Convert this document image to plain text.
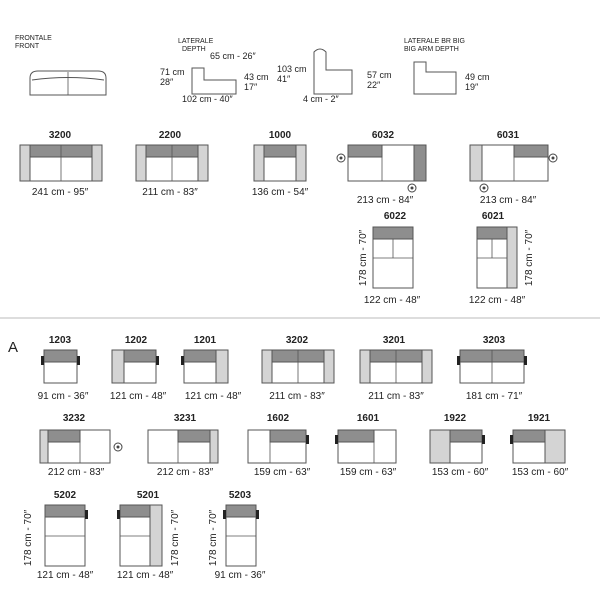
FRONTALE
FRONT
LATERALE
DEPTH
65 cm - 26″
71 cm
28″	43 cm
17″
102 cm - 40″
103 cm
41″	57 cm
22″
4 cm - 2″
LATERALE BR BIG
BIG ARM DEPTH
49 cm
19″
3200
241 cm - 95″
2200
211 cm - 83″
1000
136 cm - 54″
6032
213 cm - 84″
6031
213 cm - 84″
6022
122 cm - 48″
178 cm - 70″
6021
122 cm - 48″
178 cm - 70″
A	1203
91 cm - 36″
1202
121 cm - 48″
1201
121 cm - 48″
3202
211 cm - 83″
3201
211 cm - 83″
3203
181 cm - 71″
3232
212 cm - 83″
3231
212 cm - 83″
1602
159 cm - 63″
1601
159 cm - 63″
1922
153 cm - 60″
1921
153 cm - 60″
5202
121 cm - 48″
178 cm - 70″
5201
121 cm - 48″
178 cm - 70″
5203
91 cm - 36″
178 cm - 70″
